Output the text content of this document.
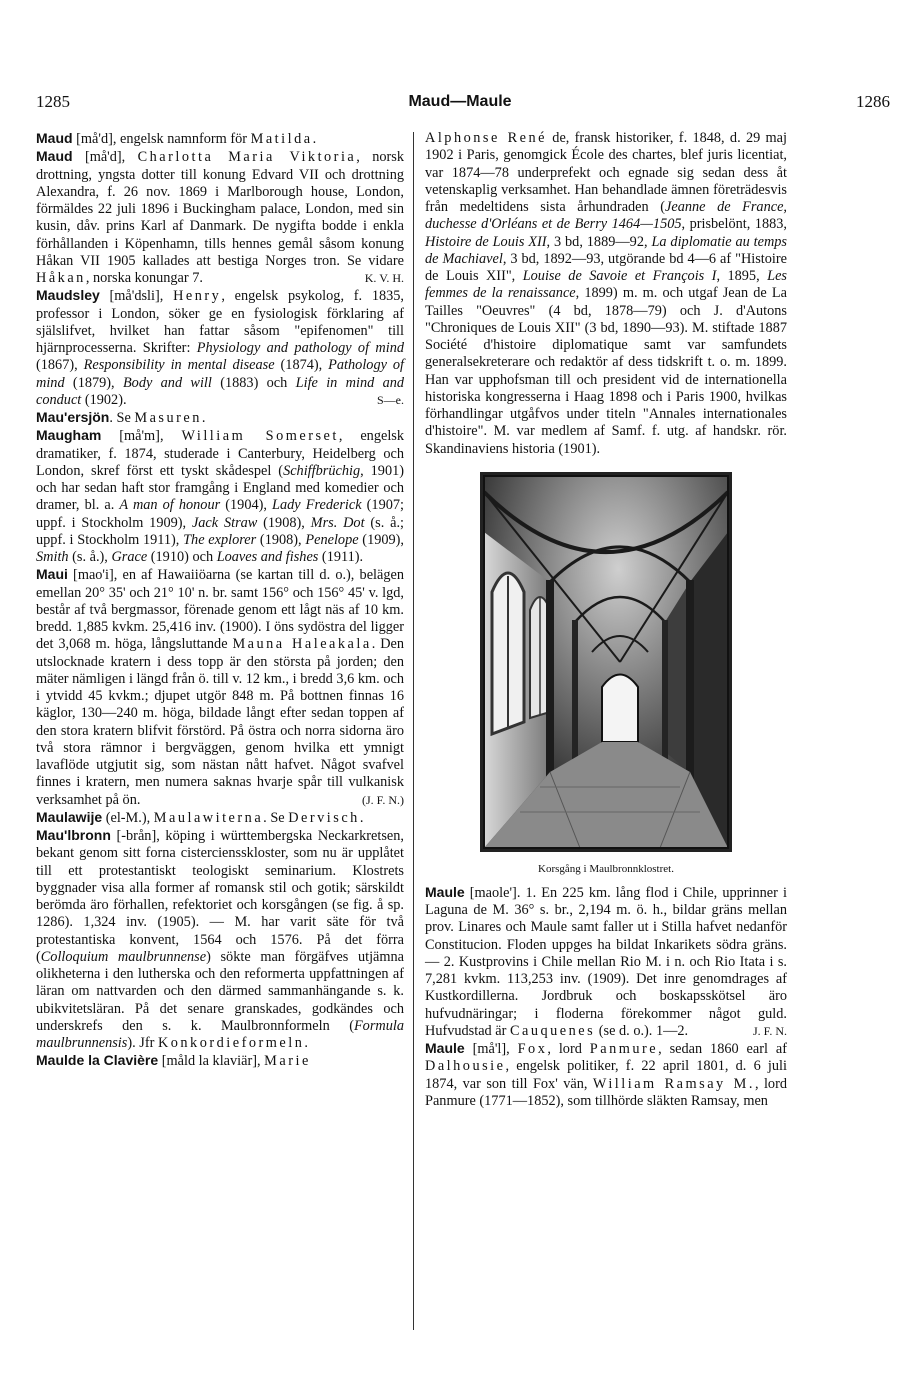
1285	Maud—Maule	1286

Maud [må'd], engelsk namnform för Matilda.

Maud [må'd], Charlotta Maria Viktoria, norsk drottning, yngsta dotter till konung Edvard VII och drottning Alexandra, f. 26 nov. 1869 i Marlborough house, London, förmäldes 22 juli 1896 i Buckingham palace, London, med sin kusin, dåv. prins Karl af Danmark. De nygifta bodde i enkla förhållanden i Köpenhamn, tills hennes gemål såsom konung Håkan VII 1905 kallades att bestiga Norges tron. Se vidare Håkan, norska konungar 7.	K. V. H.

Maudsley [må'dsli], Henry, engelsk psykolog, f. 1835, professor i London, söker ge en fysiologisk förklaring af själslifvet, hvilket han fattar såsom "epifenomen" till hjärnprocesserna. Skrifter: Physiology and pathology of mind (1867), Responsibility in mental disease (1874), Pathology of mind (1879), Body and will (1883) och Life in mind and conduct (1902).	S—e.

Mau'ersjön. Se Masuren.

Maugham [må'm], William Somerset, engelsk dramatiker, f. 1874, studerade i Canterbury, Heidelberg och London, skref först ett tyskt skådespel (Schiffbrüchig, 1901) och har sedan haft stor framgång i England med komedier och dramer, bl. a. A man of honour (1904), Lady Frederick (1907; uppf. i Stockholm 1909), Jack Straw (1908), Mrs. Dot (s. å.; uppf. i Stockholm 1911), The explorer (1908), Penelope (1909), Smith (s. å.), Grace (1910) och Loaves and fishes (1911).

Maui [mao'i], en af Hawaiiöarna (se kartan till d. o.), belägen emellan 20° 35' och 21° 10' n. br. samt 156° och 156° 45' v. lgd, består af två bergmassor, förenade genom ett lågt näs af 10 km. bredd. 1,885 kvkm. 25,416 inv. (1900). I öns sydöstra del ligger det 3,068 m. höga, långsluttande Mauna Haleakala. Den utslocknade kratern i dess topp är den största på jorden; den mäter nämligen i längd från ö. till v. 12 km., i bredd 3,6 km. och i ytvidd 45 kvkm.; djupet utgör 848 m. På bottnen finnas 16 käglor, 130—240 m. höga, bildade långt efter sedan toppen af den stora kratern blifvit förstörd. På östra och norra sidorna äro två stora rämnor i bergväggen, genom hvilka ett ymnigt lavaflöde utgjutit sig, som nästan nått hafvet. Något svafvel finnes i kratern, men numera saknas hvarje spår till vulkanisk verksamhet på ön.	(J. F. N.)

Maulawije (el-M.), Maulawiterna. Se Dervisch.

Mau'lbronn [-brån], köping i württembergska Neckarkretsen, bekant genom sitt forna cisterciensskloster, som nu är upplåtet till ett protestantiskt teologiskt seminarium. Klostrets byggnader visa alla former af romansk stil och gotik; särskildt berömda äro förhallen, refektoriet och korsgången (se fig. å sp. 1286). 1,324 inv. (1905). — M. har varit säte för två protestantiska konvent, 1564 och 1576. På det förra (Colloquium maulbrunnense) sökte man förgäfves utjämna olikheterna i den lutherska och den reformerta uppfattningen af läran om nattvarden och den därmed sammanhängande s. k. ubikvitetsläran. På det senare granskades, godkändes och underskrefs den s. k. Maulbronnformeln (Formula maulbrunnensis). Jfr Konkordieformeln.

Maulde la Clavière [måld la klaviär], Marie

Alphonse René de, fransk historiker, f. 1848, d. 29 maj 1902 i Paris, genomgick École des chartes, blef juris licentiat, var 1874—78 underprefekt och egnade sig sedan dess åt vetenskaplig verksamhet. Han behandlade ämnen företrädesvis från medeltidens sista århundraden (Jeanne de France, duchesse d'Orléans et de Berry 1464—1505, prisbelönt, 1883, Histoire de Louis XII, 3 bd, 1889—92, La diplomatie au temps de Machiavel, 3 bd, 1892—93, utgörande bd 4—6 af "Histoire de Louis XII", Louise de Savoie et François I, 1895, Les femmes de la renaissance, 1899) m. m. och utgaf Jean de La Tailles "Oeuvres" (4 bd, 1878—79) och J. d'Autons "Chroniques de Louis XII" (3 bd, 1890—93). M. stiftade 1887 Société d'histoire diplomatique samt var samfundets generalsekreterare och redaktör af dess tidskrift t. o. m. 1899. Han var upphofsman till och president vid de internationella historiska kongresserna i Haag 1898 och i Paris 1900, hvilkas förhandlingar utgåfvos under titeln "Annales internationales d'histoire". M. var medlem af Samf. f. utg. af handskr. rör. Skandinaviens historia (1901).

Korsgång i Maulbronnklostret.

Maule [maole']. 1. En 225 km. lång flod i Chile, upprinner i Laguna de M. 36° s. br., 2,194 m. ö. h., bildar gräns mellan prov. Linares och Maule samt faller ut i Stilla hafvet nedanför Constitucion. Floden uppges ha bildat Inkarikets södra gräns. — 2. Kustprovins i Chile mellan Rio M. i n. och Rio Itata i s. 7,281 kvkm. 113,253 inv. (1909). Det inre genomdrages af Kustkordillerna. Jordbruk och boskapsskötsel äro hufvudnäringar; i floderna förekommer något guld. Hufvudstad är Cauquenes (se d. o.). 1—2.	J. F. N.

Maule [må'l], Fox, lord Panmure, sedan 1860 earl af Dalhousie, engelsk politiker, f. 22 april 1801, d. 6 juli 1874, var son till Fox' vän, William Ramsay M., lord Panmure (1771—1852), som tillhörde släkten Ramsay, men
